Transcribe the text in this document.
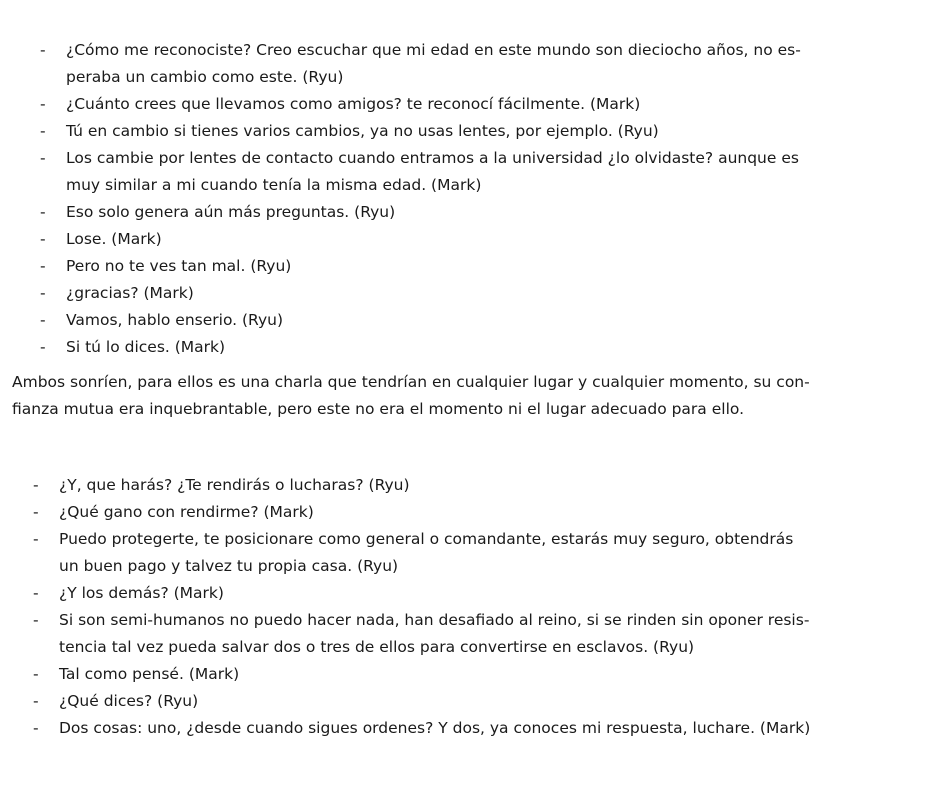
- ¿Cómo me reconociste? Creo escuchar que mi edad en este mundo son dieciocho años, no es-
peraba un cambio como este. (Ryu)
- ¿Cuánto crees que llevamos como amigos? te reconocí fácilmente. (Mark)
- Tú en cambio si tienes varios cambios, ya no usas lentes, por ejemplo. (Ryu)
- Los cambie por lentes de contacto cuando entramos a la universidad ¿lo olvidaste? aunque es
muy similar a mi cuando tenía la misma edad. (Mark)
- Eso solo genera aún más preguntas. (Ryu)
- Lose. (Mark)
- Pero no te ves tan mal. (Ryu)
- ¿gracias? (Mark)
- Vamos, hablo enserio. (Ryu)
- Si tú lo dices. (Mark)
Ambos sonríen, para ellos es una charla que tendrían en cualquier lugar y cualquier momento, su con-
fianza mutua era inquebrantable, pero este no era el momento ni el lugar adecuado para ello.
- ¿Y, que harás? ¿Te rendirás o lucharas? (Ryu)
- ¿Qué gano con rendirme? (Mark)
- Puedo protegerte, te posicionare como general o comandante, estarás muy seguro, obtendrás
un buen pago y talvez tu propia casa. (Ryu)
- ¿Y los demás? (Mark)
- Si son semi-humanos no puedo hacer nada, han desafiado al reino, si se rinden sin oponer resis-
tencia tal vez pueda salvar dos o tres de ellos para convertirse en esclavos. (Ryu)
- Tal como pensé. (Mark)
- ¿Qué dices? (Ryu)
- Dos cosas: uno, ¿desde cuando sigues ordenes? Y dos, ya conoces mi respuesta, luchare. (Mark)
